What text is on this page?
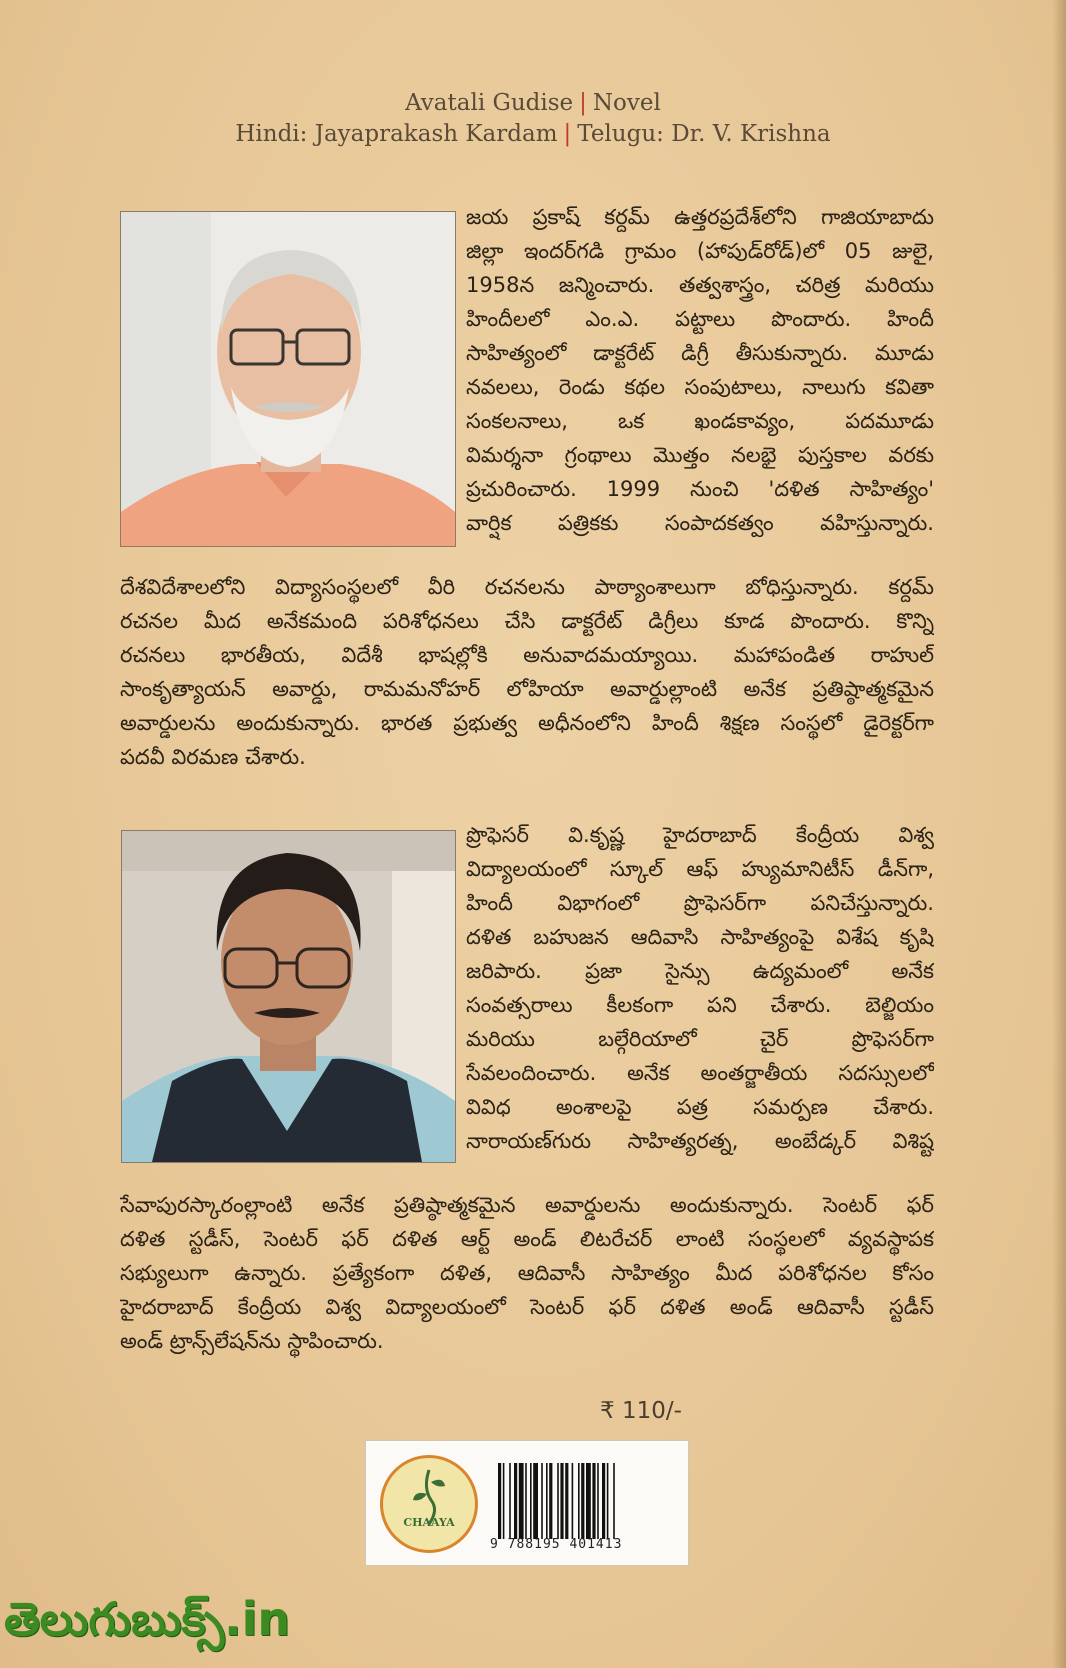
Avatali Gudise | Novel
Hindi: Jayaprakash Kardam | Telugu: Dr. V. Krishna
జయ ప్రకాష్ కర్దమ్ ఉత్తరప్రదేశ్‌లోని గాజియాబాదు
జిల్లా ఇందర్‌గడి గ్రామం (హాపుడ్‌రోడ్)లో 05 జులై,
1958న జన్మించారు. తత్వశాస్త్రం, చరిత్ర మరియు
హిందీలలో ఎం.ఎ. పట్టాలు పొందారు. హిందీ
సాహిత్యంలో డాక్టరేట్ డిగ్రీ తీసుకున్నారు. మూడు
నవలలు, రెండు కథల సంపుటాలు, నాలుగు కవితా
సంకలనాలు, ఒక ఖండకావ్యం, పదమూడు
విమర్శనా గ్రంథాలు మొత్తం నలభై పుస్తకాల వరకు
ప్రచురించారు. 1999 నుంచి 'దళిత సాహిత్యం'
వార్షిక పత్రికకు సంపాదకత్వం వహిస్తున్నారు.
దేశవిదేశాలలోని విద్యాసంస్థలలో వీరి రచనలను పాఠ్యాంశాలుగా బోధిస్తున్నారు. కర్దమ్
రచనల మీద అనేకమంది పరిశోధనలు చేసి డాక్టరేట్ డిగ్రీలు కూడ పొందారు. కొన్ని
రచనలు భారతీయ, విదేశీ భాషల్లోకి అనువాదమయ్యాయి. మహాపండిత రాహుల్
సాంకృత్యాయన్ అవార్డు, రామమనోహర్ లోహియా అవార్డుల్లాంటి అనేక ప్రతిష్ఠాత్మకమైన
అవార్డులను అందుకున్నారు. భారత ప్రభుత్వ అధీనంలోని హిందీ శిక్షణ సంస్థలో డైరెక్టర్‌గా
పదవీ విరమణ చేశారు.
ప్రొఫెసర్ వి.కృష్ణ హైదరాబాద్ కేంద్రీయ విశ్వ
విద్యాలయంలో స్కూల్ ఆఫ్ హ్యుమానిటీస్ డీన్‌గా,
హిందీ విభాగంలో ప్రొఫెసర్‌గా పనిచేస్తున్నారు.
దళిత బహుజన ఆదివాసి సాహిత్యంపై విశేష కృషి
జరిపారు. ప్రజా సైన్సు ఉద్యమంలో అనేక
సంవత్సరాలు కీలకంగా పని చేశారు. బెల్జియం
మరియు బల్గేరియాలో చైర్ ప్రొఫెసర్‌గా
సేవలందించారు. అనేక అంతర్జాతీయ సదస్సులలో
వివిధ అంశాలపై పత్ర సమర్పణ చేశారు.
నారాయణ్‌గురు సాహిత్యరత్న, అంబేడ్కర్ విశిష్ట
సేవాపురస్కారంల్లాంటి అనేక ప్రతిష్ఠాత్మకమైన అవార్డులను అందుకున్నారు. సెంటర్ ఫర్
దళిత స్టడీస్, సెంటర్ ఫర్ దళిత ఆర్ట్ అండ్ లిటరేచర్ లాంటి సంస్థలలో వ్యవస్థాపక
సభ్యులుగా ఉన్నారు. ప్రత్యేకంగా దళిత, ఆదివాసీ సాహిత్యం మీద పరిశోధనల కోసం
హైదరాబాద్ కేంద్రీయ విశ్వ విద్యాలయంలో సెంటర్ ఫర్ దళిత అండ్ ఆదివాసీ స్టడీస్
అండ్ ట్రాన్స్‌లేషన్‌ను స్థాపించారు.
₹ 110/-
CHAAYA
9 788195 401413
తెలుగుబుక్స్.in
